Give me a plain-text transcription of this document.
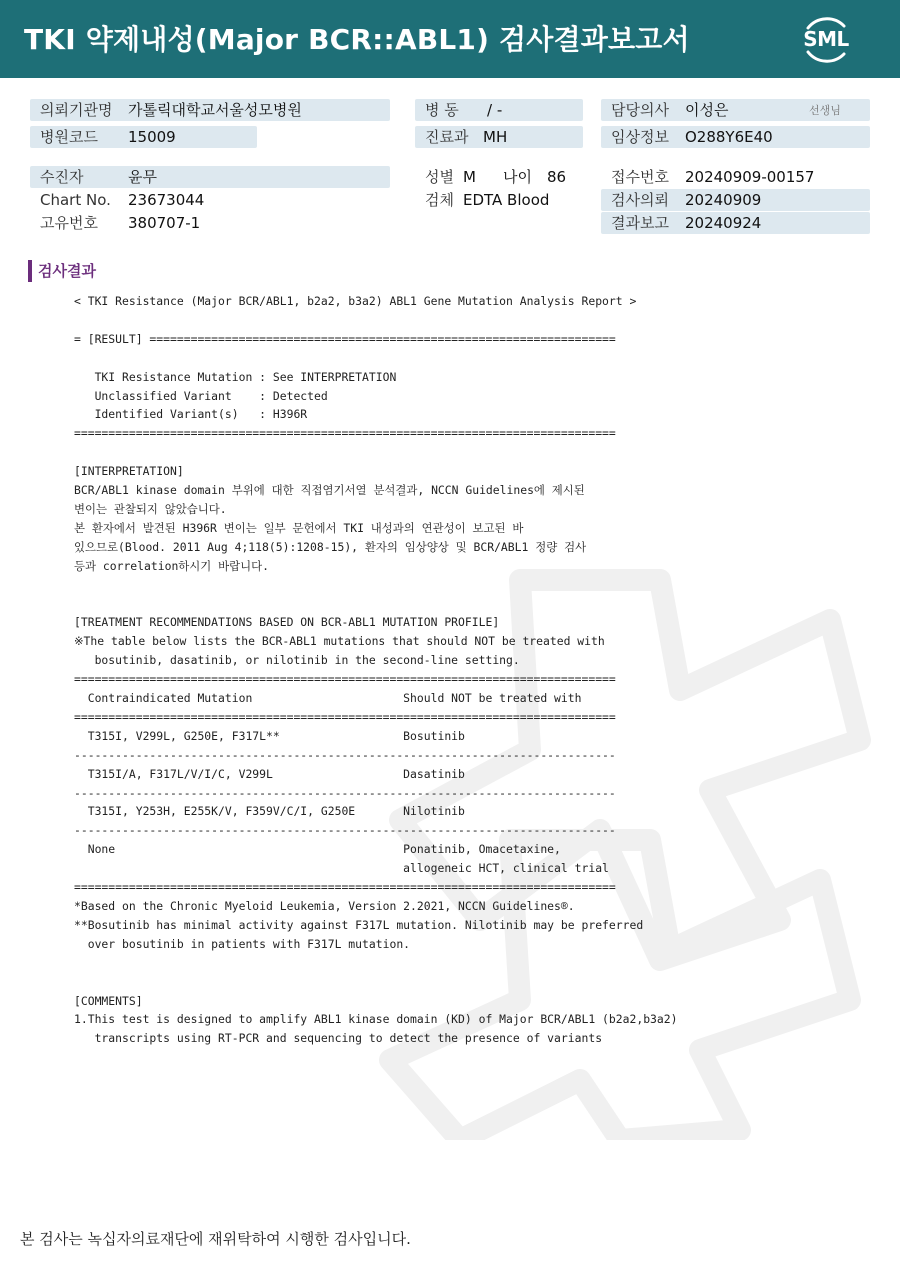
TKI 약제내성(Major BCR::ABL1) 검사결과보고서	SML
의뢰기관명 가톨릭대학교서울성모병원	병 동 / -	담당의사 이성은	선생님
병원코드 15009	진료과 MH	임상정보 O288Y6E40
수진자	윤무	성별 M 나이 86	접수번호 20240909-00157
Chart No. 23673044	검체 EDTA Blood	검사의뢰 20240909
고유번호 380707-1	결과보고 20240924
검사결과
< TKI Resistance (Major BCR/ABL1, b2a2, b3a2) ABL1 Gene Mutation Analysis Report >

= [RESULT] ====================================================================

TKI Resistance Mutation : See INTERPRETATION
Unclassified Variant    : Detected
Identified Variant(s)   : H396R
===============================================================================

[INTERPRETATION]
BCR/ABL1 kinase domain 부위에 대한 직접염기서열 분석결과, NCCN Guidelines에 제시된
변이는 관찰되지 않았습니다.
본 환자에서 발견된 H396R 변이는 일부 문헌에서 TKI 내성과의 연관성이 보고된 바
있으므로(Blood. 2011 Aug 4;118(5):1208-15), 환자의 임상양상 및 BCR/ABL1 정량 검사
등과 correlation하시기 바랍니다.

[TREATMENT RECOMMENDATIONS BASED ON BCR-ABL1 MUTATION PROFILE]
※The table below lists the BCR-ABL1 mutations that should NOT be treated with
bosutinib, dasatinib, or nilotinib in the second-line setting.
===============================================================================
Contraindicated Mutation                      Should NOT be treated with
===============================================================================
T315I, V299L, G250E, F317L**                  Bosutinib
-------------------------------------------------------------------------------
T315I/A, F317L/V/I/C, V299L                   Dasatinib
-------------------------------------------------------------------------------
T315I, Y253H, E255K/V, F359V/C/I, G250E       Nilotinib
-------------------------------------------------------------------------------
None                                          Ponatinib, Omacetaxine,
allogeneic HCT, clinical trial
===============================================================================
*Based on the Chronic Myeloid Leukemia, Version 2.2021, NCCN Guidelines®.
**Bosutinib has minimal activity against F317L mutation. Nilotinib may be preferred
over bosutinib in patients with F317L mutation.

[COMMENTS]
1.This test is designed to amplify ABL1 kinase domain (KD) of Major BCR/ABL1 (b2a2,b3a2)
transcripts using RT-PCR and sequencing to detect the presence of variants

본 검사는 녹십자의료재단에 재위탁하여 시행한 검사입니다.
